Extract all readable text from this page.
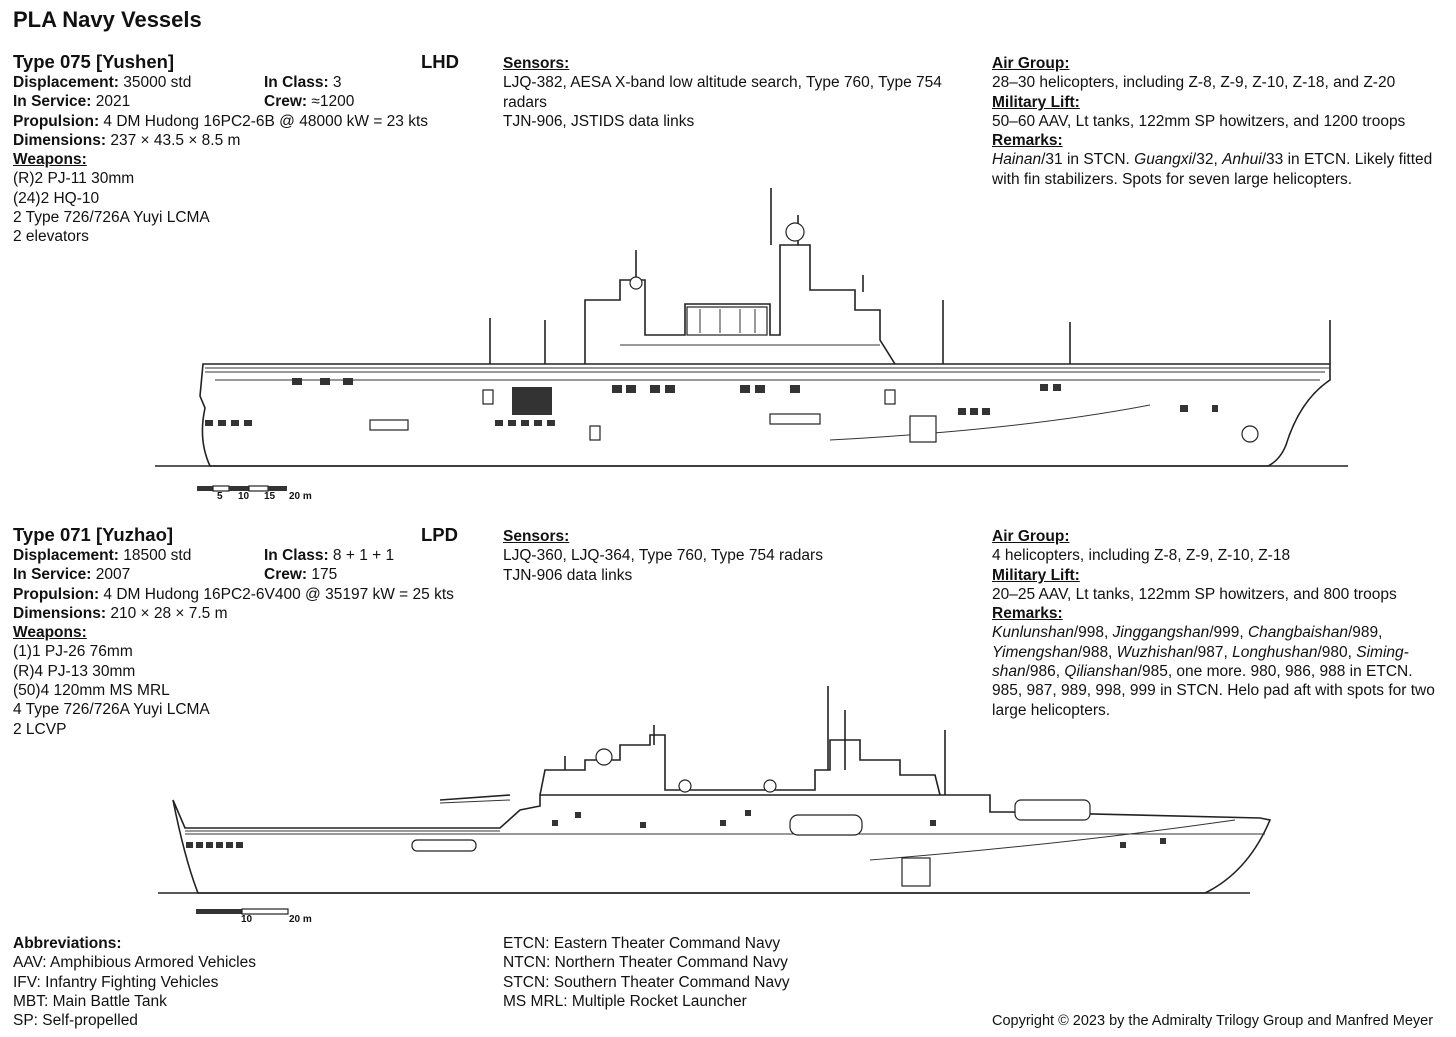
PLA Navy Vessels
Type 075 [Yushen]	LHD
Displacement: 35000 std
In Service: 2021
Propulsion: 4 DM Hudong 16PC2-6B @ 48000 kW = 23 kts
Dimensions: 237 × 43.5 × 8.5 m
Weapons:
(R)2 PJ-11 30mm
(24)2 HQ-10
2 Type 726/726A Yuyi LCMA
2 elevators
In Class: 3
Crew: ≈1200
Sensors:
LJQ-382, AESA X-band low altitude search, Type 760, Type 754
radars
TJN-906, JSTIDS data links
Air Group:
28–30 helicopters, including Z-8, Z-9, Z-10, Z-18, and Z-20
Military Lift:
50–60 AAV, Lt tanks, 122mm SP howitzers, and 1200 troops
Remarks:
Hainan/31 in STCN. Guangxi/32, Anhui/33 in ETCN. Likely fitted
with fin stabilizers. Spots for seven large helicopters.
5 10 15 20 m
Type 071 [Yuzhao]	LPD
Displacement: 18500 std
In Service: 2007
Propulsion: 4 DM Hudong 16PC2-6V400 @ 35197 kW = 25 kts
Dimensions: 210 × 28 × 7.5 m
Weapons:
(1)1 PJ-26 76mm
(R)4 PJ-13 30mm
(50)4 120mm MS MRL
4 Type 726/726A Yuyi LCMA
2 LCVP
In Class: 8 + 1 + 1
Crew: 175
Sensors:
LJQ-360, LJQ-364, Type 760, Type 754 radars
TJN-906 data links
Air Group:
4 helicopters, including Z-8, Z-9, Z-10, Z-18
Military Lift:
20–25 AAV, Lt tanks, 122mm SP howitzers, and 800 troops
Remarks:
Kunlunshan/998, Jinggangshan/999, Changbaishan/989,
Yimengshan/988, Wuzhishan/987, Longhushan/980, Siming-
shan/986, Qilianshan/985, one more. 980, 986, 988 in ETCN.
985, 987, 989, 998, 999 in STCN. Helo pad aft with spots for two
large helicopters.
10	20 m
Abbreviations:
AAV: Amphibious Armored Vehicles
IFV: Infantry Fighting Vehicles
MBT: Main Battle Tank
SP: Self-propelled
ETCN: Eastern Theater Command Navy
NTCN: Northern Theater Command Navy
STCN: Southern Theater Command Navy
MS MRL: Multiple Rocket Launcher
Copyright © 2023 by the Admiralty Trilogy Group and Manfred Meyer
